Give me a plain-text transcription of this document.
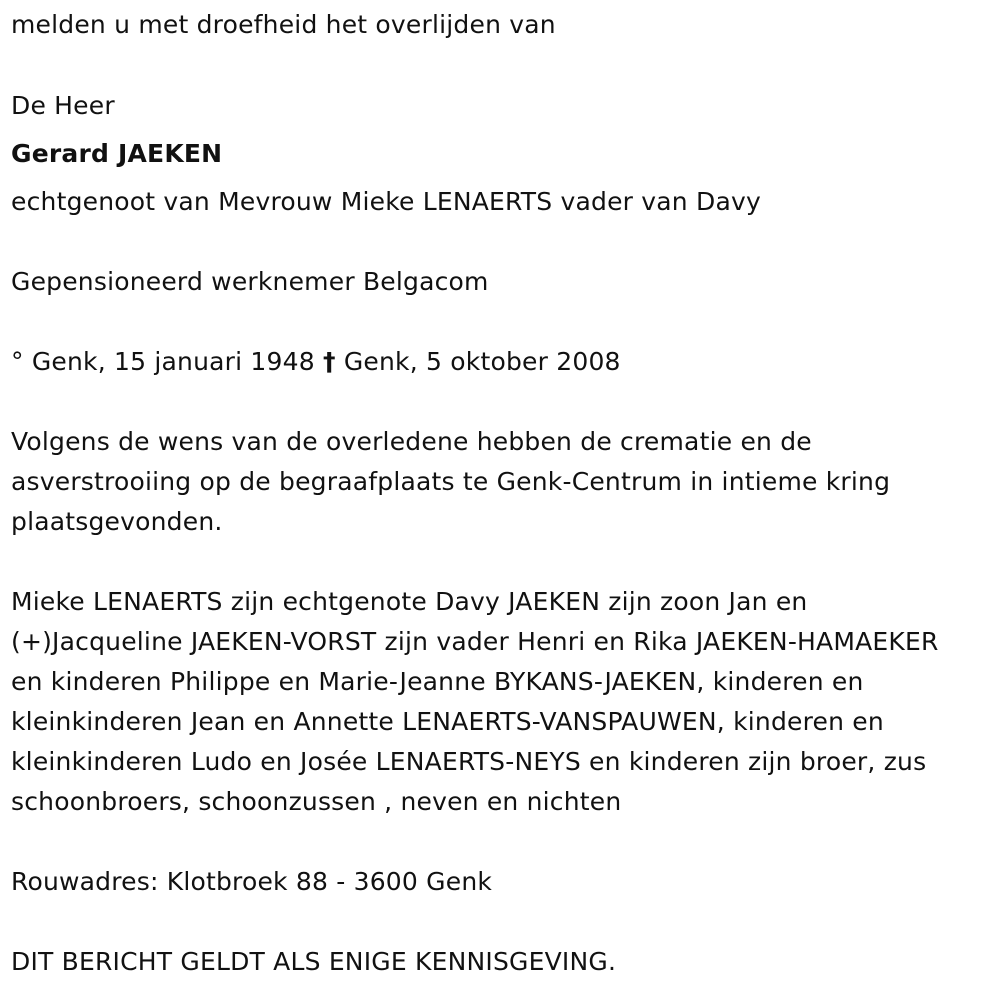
melden u met droefheid het overlijden van
De Heer
Gerard JAEKEN
echtgenoot van Mevrouw Mieke LENAERTS vader van Davy
Gepensioneerd werknemer Belgacom
° Genk, 15 januari 1948 † Genk, 5 oktober 2008
Volgens de wens van de overledene hebben de crematie en de
asverstrooiing op de begraafplaats te Genk-Centrum in intieme kring
plaatsgevonden.
Mieke LENAERTS zijn echtgenote Davy JAEKEN zijn zoon Jan en
(+)Jacqueline JAEKEN-VORST zijn vader Henri en Rika JAEKEN-HAMAEKER
en kinderen Philippe en Marie-Jeanne BYKANS-JAEKEN, kinderen en
kleinkinderen Jean en Annette LENAERTS-VANSPAUWEN, kinderen en
kleinkinderen Ludo en Josée LENAERTS-NEYS en kinderen zijn broer, zus
schoonbroers, schoonzussen , neven en nichten
Rouwadres: Klotbroek 88 - 3600 Genk
DIT BERICHT GELDT ALS ENIGE KENNISGEVING.
